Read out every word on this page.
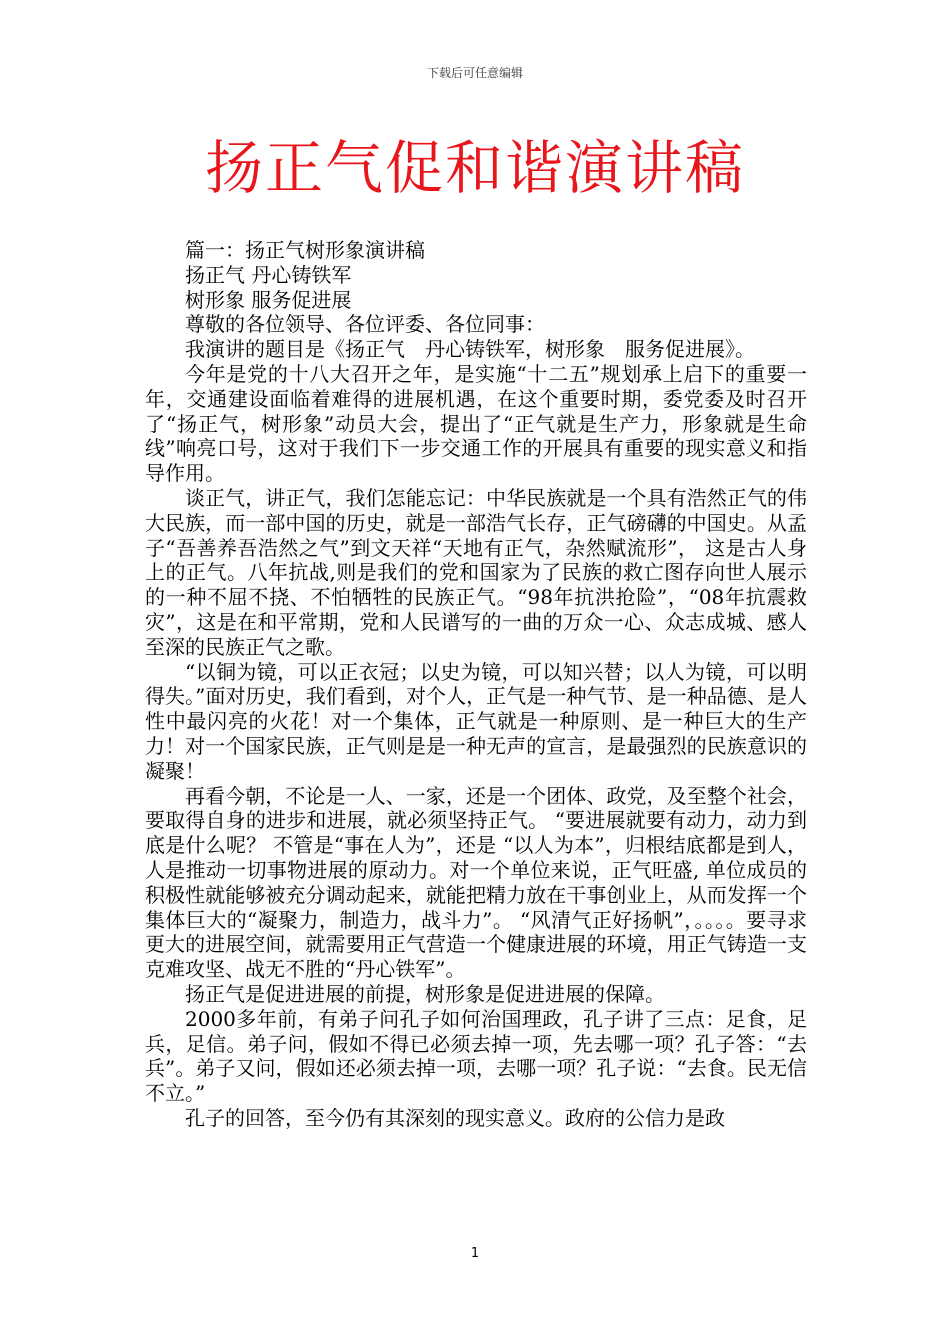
下载后可任意编辑
扬正气促和谐演讲稿

篇一：扬正气树形象演讲稿

扬正气 丹心铸铁军

树形象 服务促进展

尊敬的各位领导、各位评委、各位同事：

我演讲的题目是《扬正气　丹心铸铁军，树形象　服务促进展》。

今年是党的十八大召开之年，是实施“十二五”规划承上启下的重要一年，交通建设面临着难得的进展机遇，在这个重要时期，委党委及时召开了“扬正气，树形象”动员大会，提出了“正气就是生产力，形象就是生命线”响亮口号，这对于我们下一步交通工作的开展具有重要的现实意义和指导作用。

谈正气，讲正气，我们怎能忘记：中华民族就是一个具有浩然正气的伟大民族，而一部中国的历史，就是一部浩气长存，正气磅礴的中国史。从孟子“吾善养吾浩然之气”到文天祥“天地有正气，杂然赋流形”， 这是古人身上的正气。八年抗战,则是我们的党和国家为了民族的救亡图存向世人展示的一种不屈不挠、不怕牺牲的民族正气。“98年抗洪抢险”，“08年抗震救灾”，这是在和平常期，党和人民谱写的一曲的万众一心、众志成城、感人至深的民族正气之歌。

“以铜为镜，可以正衣冠；以史为镜，可以知兴替；以人为镜，可以明得失。”面对历史，我们看到，对个人，正气是一种气节、是一种品德、是人性中最闪亮的火花！对一个集体，正气就是一种原则、是一种巨大的生产力！对一个国家民族，正气则是是一种无声的宣言，是最强烈的民族意识的凝聚！

再看今朝，不论是一人、一家，还是一个团体、政党，及至整个社会，要取得自身的进步和进展，就必须坚持正气。 “要进展就要有动力，动力到底是什么呢？ 不管是“事在人为”，还是 “以人为本”，归根结底都是到人，人是推动一切事物进展的原动力。对一个单位来说，正气旺盛, 单位成员的积极性就能够被充分调动起来，就能把精力放在干事创业上，从而发挥一个集体巨大的“凝聚力，制造力，战斗力”。 “风清气正好扬帆”，。。。。要寻求更大的进展空间，就需要用正气营造一个健康进展的环境，用正气铸造一支克难攻坚、战无不胜的“丹心铁军”。

扬正气是促进进展的前提，树形象是促进进展的保障。

2000多年前，有弟子问孔子如何治国理政，孔子讲了三点：足食，足兵，足信。弟子问，假如不得已必须去掉一项，先去哪一项？孔子答：“去兵”。弟子又问，假如还必须去掉一项，去哪一项？孔子说：“去食。民无信不立。”

孔子的回答，至今仍有其深刻的现实意义。政府的公信力是政

1
